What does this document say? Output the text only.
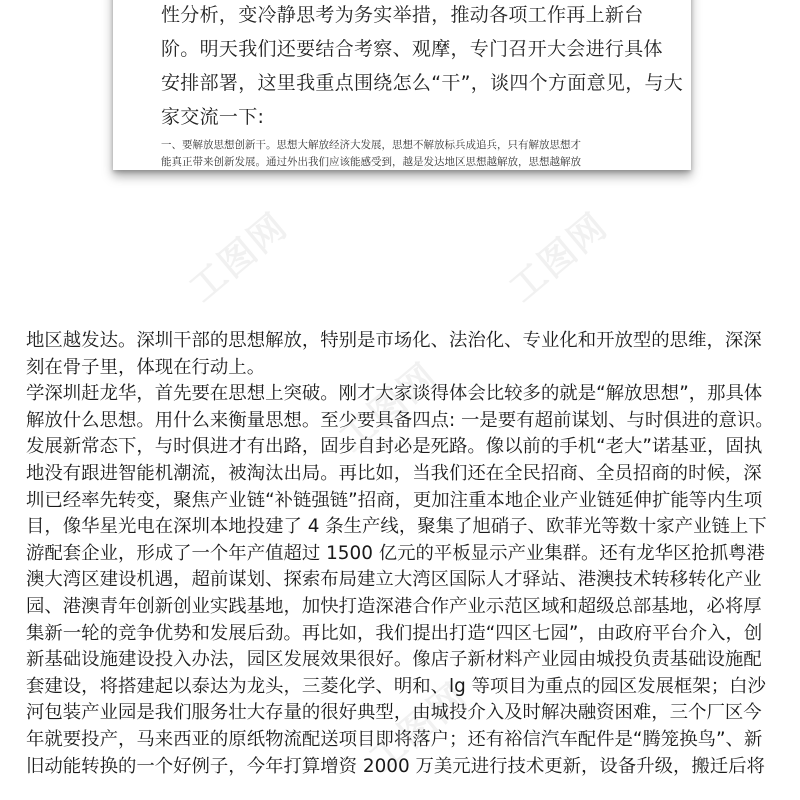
性分析，变冷静思考为务实举措，推动各项工作再上新台
阶。明天我们还要结合考察、观摩，专门召开大会进行具体
安排部署，这里我重点围绕怎么“干”，谈四个方面意见，与大
家交流一下:
一、要解放思想创新干。思想大解放经济大发展，思想不解放标兵成追兵，只有解放思想才
能真正带来创新发展。通过外出我们应该能感受到，越是发达地区思想越解放，思想越解放
工图网	工图网
工图网
工图网
地区越发达。深圳干部的思想解放，特别是市场化、法治化、专业化和开放型的思维，深深
刻在骨子里，体现在行动上。
学深圳赶龙华，首先要在思想上突破。刚才大家谈得体会比较多的就是“解放思想”，那具体
解放什么思想。用什么来衡量思想。至少要具备四点: 一是要有超前谋划、与时俱进的意识。
发展新常态下，与时俱进才有出路，固步自封必是死路。像以前的手机“老大”诺基亚，固执
地没有跟进智能机潮流，被淘汰出局。再比如，当我们还在全民招商、全员招商的时候，深
圳已经率先转变，聚焦产业链“补链强链”招商，更加注重本地企业产业链延伸扩能等内生项
目，像华星光电在深圳本地投建了 4 条生产线，聚集了旭硝子、欧菲光等数十家产业链上下
游配套企业，形成了一个年产值超过 1500 亿元的平板显示产业集群。还有龙华区抢抓粤港
澳大湾区建设机遇，超前谋划、探索布局建立大湾区国际人才驿站、港澳技术转移转化产业
园、港澳青年创新创业实践基地，加快打造深港合作产业示范区域和超级总部基地，必将厚
集新一轮的竞争优势和发展后劲。再比如，我们提出打造“四区七园”，由政府平台介入，创
新基础设施建设投入办法，园区发展效果很好。像店子新材料产业园由城投负责基础设施配
套建设，将搭建起以泰达为龙头，三菱化学、明和、lg 等项目为重点的园区发展框架；白沙
河包装产业园是我们服务壮大存量的很好典型，由城投介入及时解决融资困难，三个厂区今
年就要投产，马来西亚的原纸物流配送项目即将落户；还有裕信汽车配件是“腾笼换鸟”、新
旧动能转换的一个好例子，今年打算增资 2000 万美元进行技术更新，设备升级，搬迁后将
